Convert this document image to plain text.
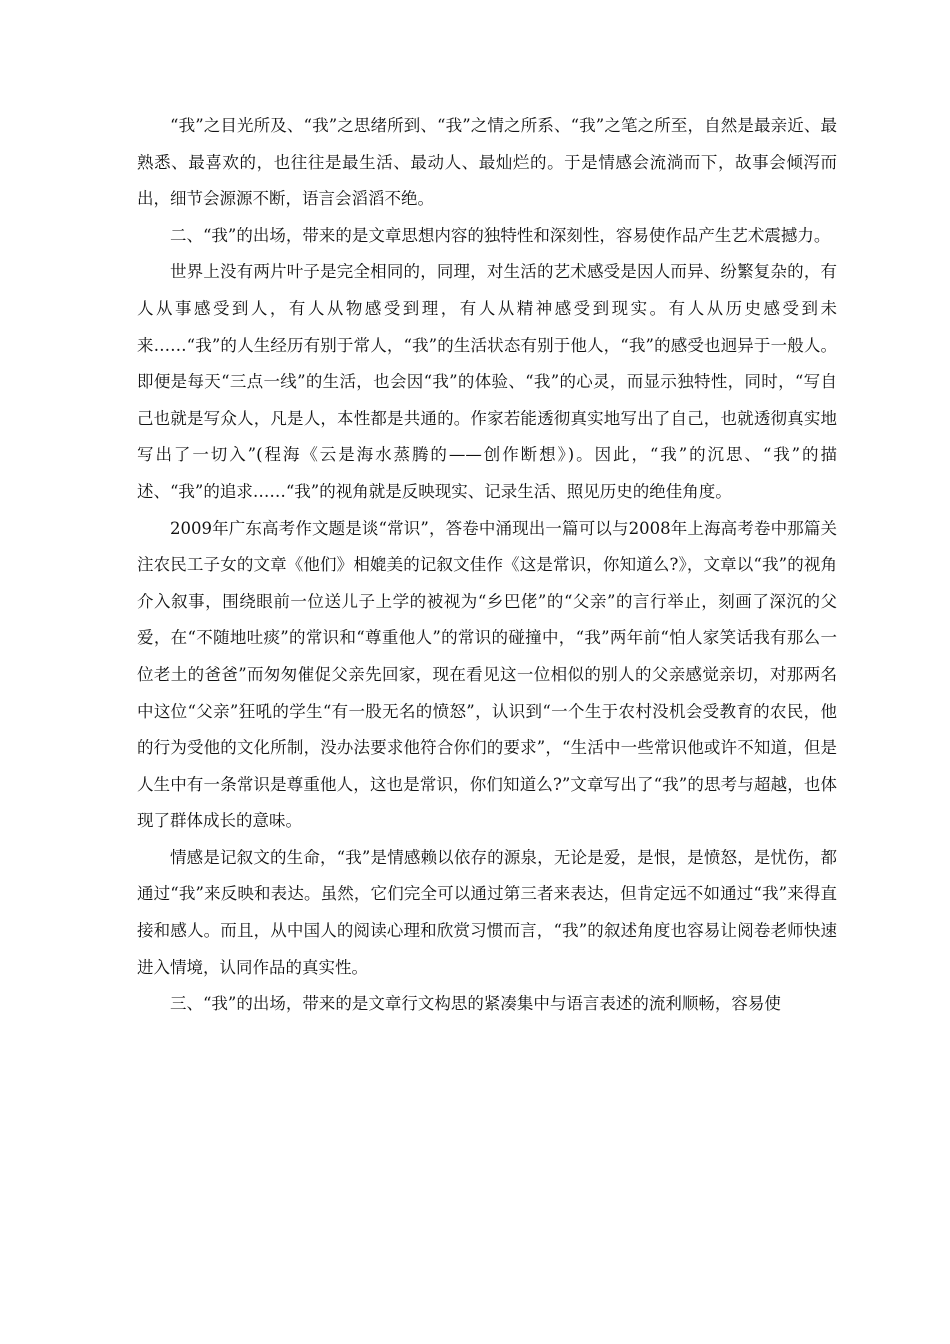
“我”之目光所及、“我”之思绪所到、“我”之情之所系、“我”之笔之所至，自然是最亲近、最熟悉、最喜欢的，也往往是最生活、最动人、最灿烂的。于是情感会流淌而下，故事会倾泻而出，细节会源源不断，语言会滔滔不绝。

二、“我”的出场，带来的是文章思想内容的独特性和深刻性，容易使作品产生艺术震撼力。

世界上没有两片叶子是完全相同的，同理，对生活的艺术感受是因人而异、纷繁复杂的，有人从事感受到人，有人从物感受到理，有人从精神感受到现实。有人从历史感受到未来……“我”的人生经历有别于常人，“我”的生活状态有别于他人，“我”的感受也迥异于一般人。即便是每天“三点一线”的生活，也会因“我”的体验、“我”的心灵，而显示独特性，同时，“写自己也就是写众人，凡是人，本性都是共通的。作家若能透彻真实地写出了自己，也就透彻真实地写出了一切入”(程海《云是海水蒸腾的——创作断想》)。因此，“我”的沉思、“我”的描述、“我”的追求……“我”的视角就是反映现实、记录生活、照见历史的绝佳角度。

2009年广东高考作文题是谈“常识”，答卷中涌现出一篇可以与2008年上海高考卷中那篇关注农民工子女的文章《他们》相媲美的记叙文佳作《这是常识，你知道么?》，文章以“我”的视角介入叙事，围绕眼前一位送儿子上学的被视为“乡巴佬”的“父亲”的言行举止，刻画了深沉的父爱，在“不随地吐痰”的常识和“尊重他人”的常识的碰撞中，“我”两年前“怕人家笑话我有那么一位老土的爸爸”而匆匆催促父亲先回家，现在看见这一位相似的别人的父亲感觉亲切，对那两名中这位“父亲”狂吼的学生“有一股无名的愤怒”，认识到“一个生于农村没机会受教育的农民，他的行为受他的文化所制，没办法要求他符合你们的要求”，“生活中一些常识他或许不知道，但是人生中有一条常识是尊重他人，这也是常识，你们知道么?”文章写出了“我”的思考与超越，也体现了群体成长的意味。

情感是记叙文的生命，“我”是情感赖以依存的源泉，无论是爱，是恨，是愤怒，是忧伤，都通过“我”来反映和表达。虽然，它们完全可以通过第三者来表达，但肯定远不如通过“我”来得直接和感人。而且，从中国人的阅读心理和欣赏习惯而言，“我”的叙述角度也容易让阅卷老师快速进入情境，认同作品的真实性。

三、“我”的出场，带来的是文章行文构思的紧凑集中与语言表述的流利顺畅，容易使
